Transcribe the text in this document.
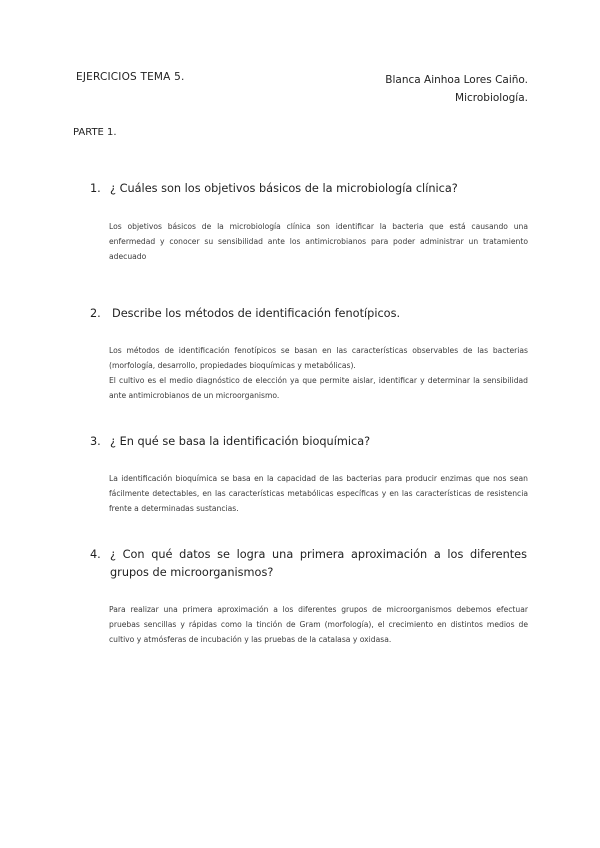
EJERCICIOS TEMA 5.	Blanca Ainhoa Lores Caiño.
Microbiología.
PARTE 1.
1. ¿ Cuáles son los objetivos básicos de la microbiología clínica?

Los objetivos básicos de la microbiología clínica son identificar la bacteria que está causando una enfermedad y conocer su sensibilidad ante los antimicrobianos para poder administrar un tratamiento adecuado

2. Describe los métodos de identificación fenotípicos.

Los métodos de identificación fenotípicos se basan en las características observables de las bacterias (morfología, desarrollo, propiedades bioquímicas y metabólicas).

El cultivo es el medio diagnóstico de elección ya que permite aislar, identificar y determinar la sensibilidad ante antimicrobianos de un microorganismo.

3. ¿ En qué se basa la identificación bioquímica?

La identificación bioquímica se basa en la capacidad de las bacterias para producir enzimas que nos sean fácilmente detectables, en las características metabólicas específicas y en las características de resistencia frente a determinadas sustancias.

4. ¿ Con qué datos se logra una primera aproximación a los diferentes grupos de microorganismos?

Para realizar una primera aproximación a los diferentes grupos de microorganismos debemos efectuar pruebas sencillas y rápidas como la tinción de Gram (morfología), el crecimiento en distintos medios de cultivo y atmósferas de incubación y las pruebas de la catalasa y oxidasa.
